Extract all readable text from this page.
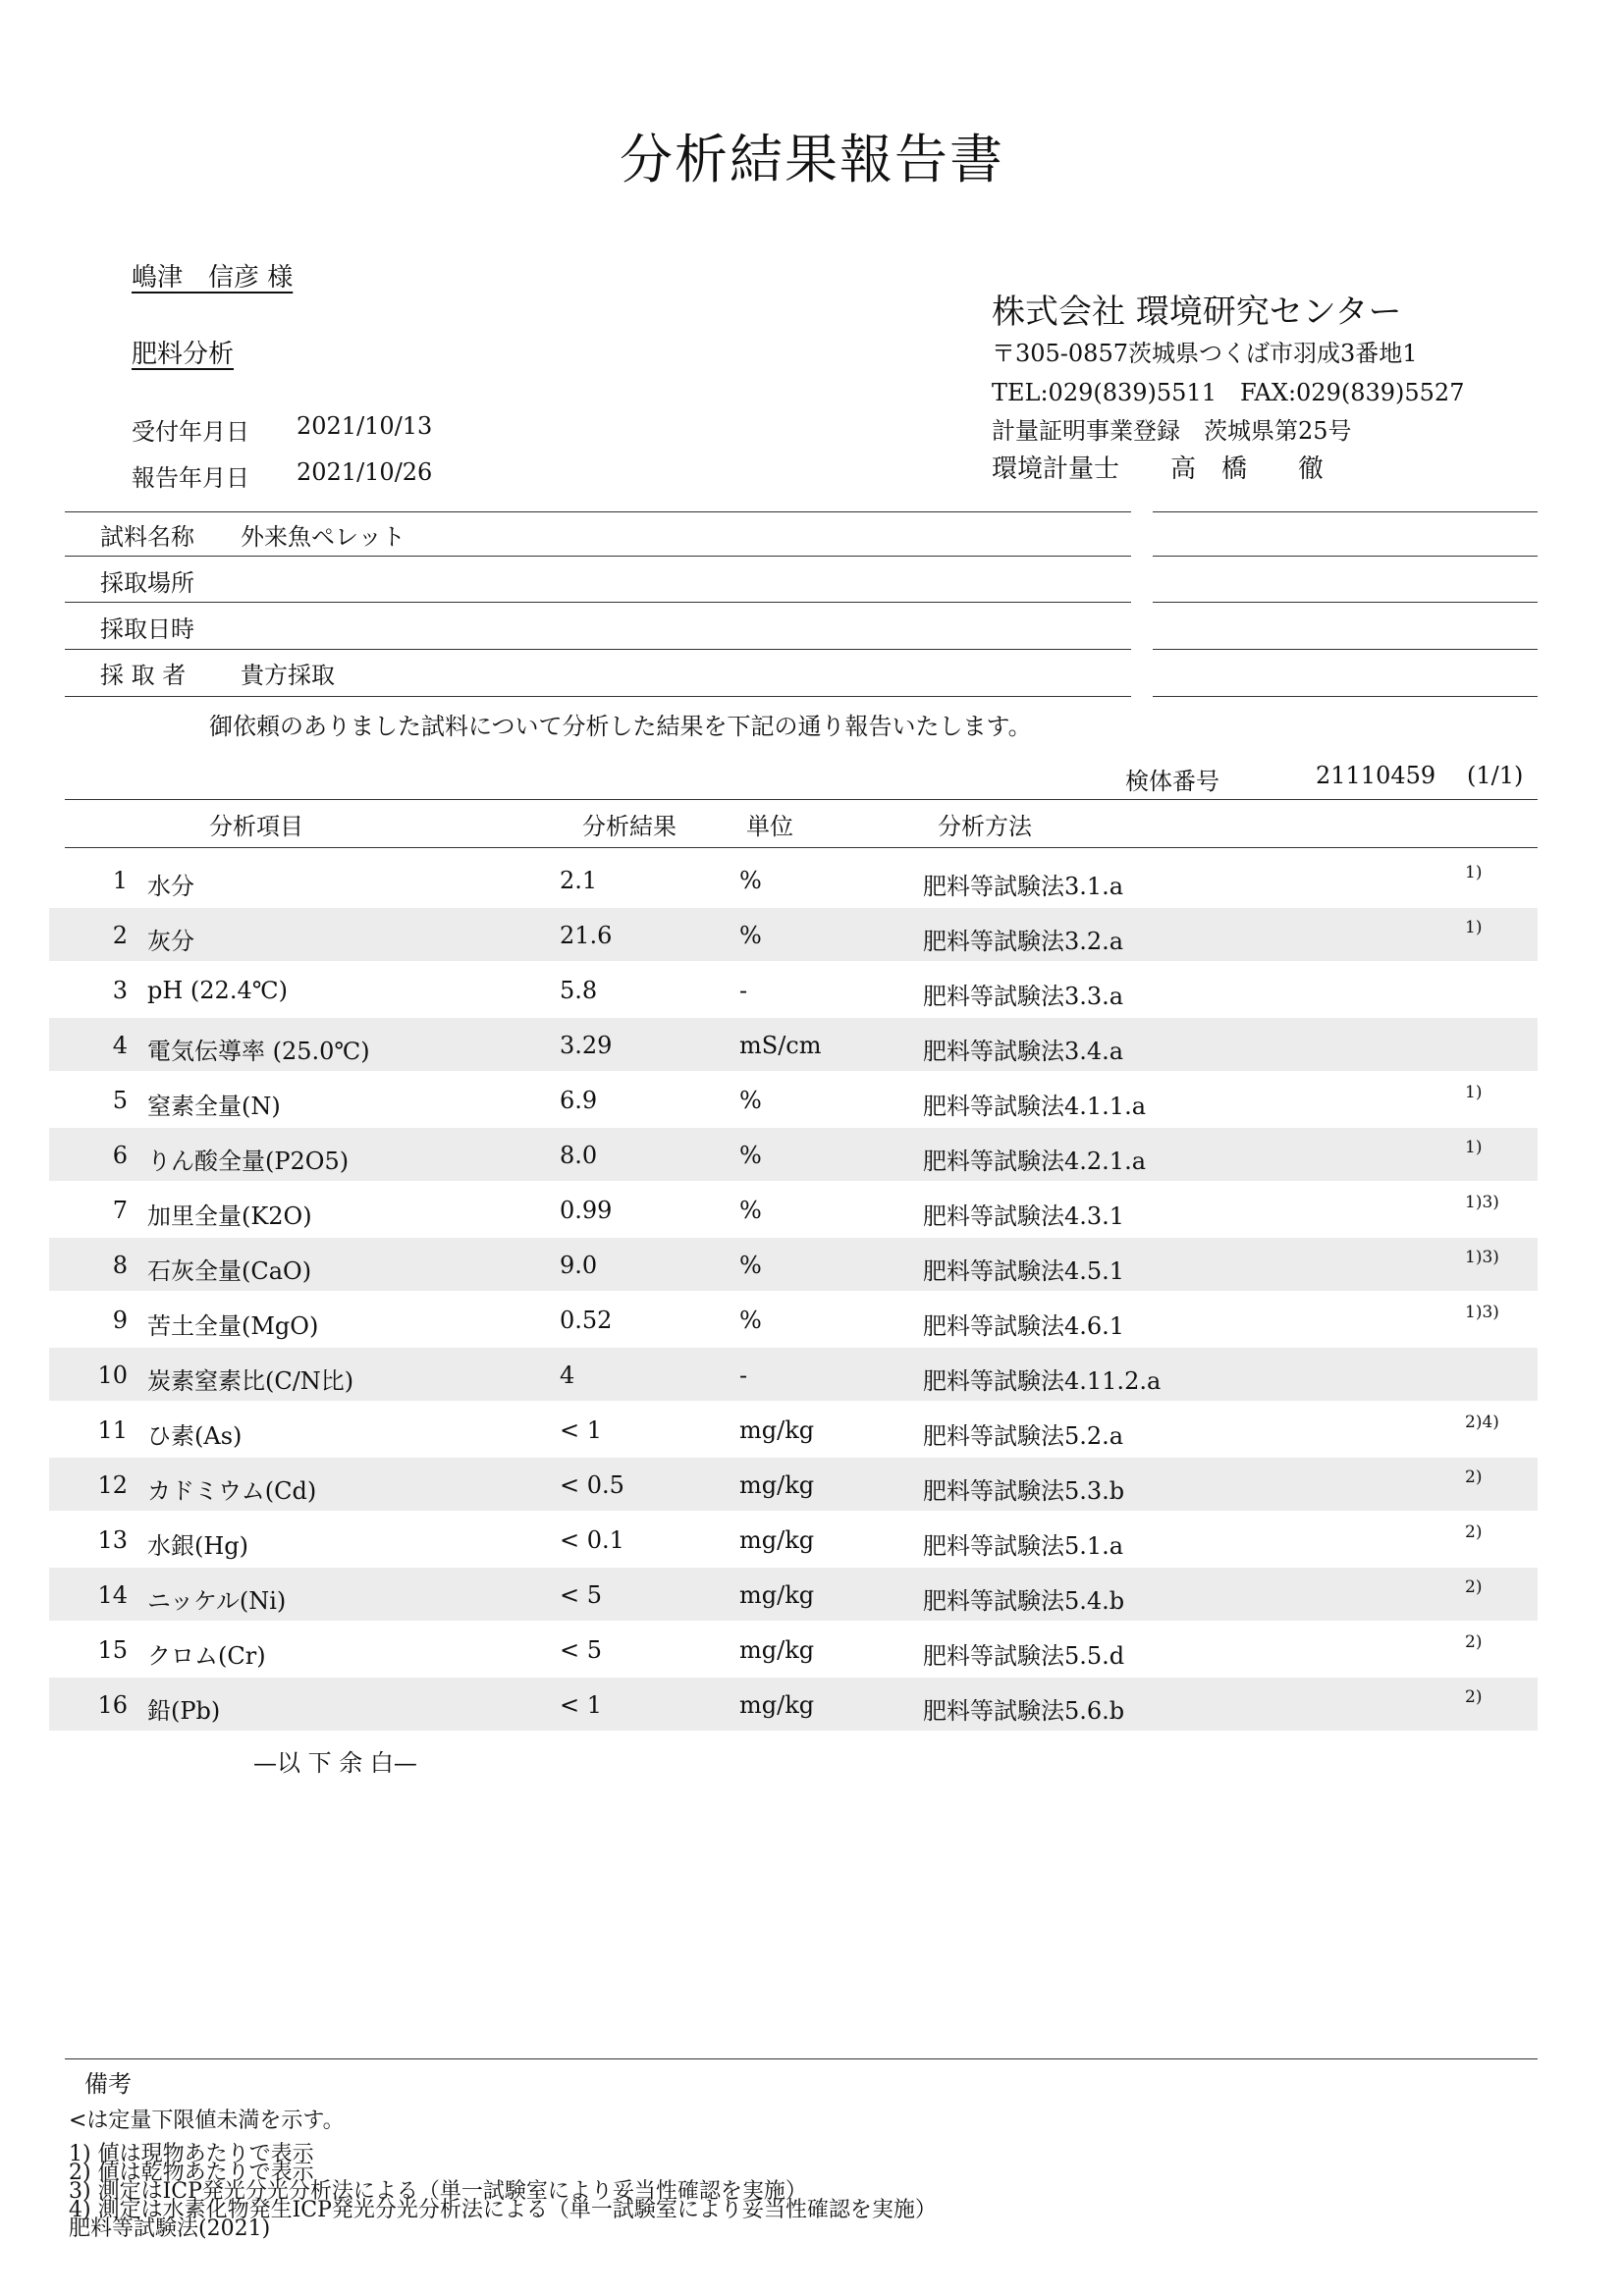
分析結果報告書
嶋津　信彦 様
肥料分析
受付年月日 2021/10/13
報告年月日 2021/10/26
株式会社 環境研究センター
〒305-0857茨城県つくば市羽成3番地1
TEL:029(839)5511　FAX:029(839)5527
計量証明事業登録　茨城県第25号
環境計量士　　高　橋　　徹
試料名称 外来魚ペレット
採取場所
採取日時
採 取 者 貴方採取
御依頼のありました試料について分析した結果を下記の通り報告いたします。
検体番号	21110459 (1/1)
分析項目	分析結果	単位	分析方法
1 水分	2.1	%	肥料等試験法3.1.a	1)
2 灰分	21.6	%	肥料等試験法3.2.a	1)
3 pH (22.4℃)	5.8	-	肥料等試験法3.3.a
4 電気伝導率 (25.0℃)	3.29	mS/cm	肥料等試験法3.4.a
5 窒素全量(N)	6.9	%	肥料等試験法4.1.1.a	1)
6 りん酸全量(P2O5)	8.0	%	肥料等試験法4.2.1.a	1)
7 加里全量(K2O)	0.99	%	肥料等試験法4.3.1	1)3)
8 石灰全量(CaO)	9.0	%	肥料等試験法4.5.1	1)3)
9 苦土全量(MgO)	0.52	%	肥料等試験法4.6.1	1)3)
10 炭素窒素比(C/N比)	4	-	肥料等試験法4.11.2.a
11 ひ素(As)	< 1	mg/kg	肥料等試験法5.2.a	2)4)
12 カドミウム(Cd)	< 0.5	mg/kg	肥料等試験法5.3.b	2)
13 水銀(Hg)	< 0.1	mg/kg	肥料等試験法5.1.a	2)
14 ニッケル(Ni)	< 5	mg/kg	肥料等試験法5.4.b	2)
15 クロム(Cr)	< 5	mg/kg	肥料等試験法5.5.d	2)
16 鉛(Pb)	< 1	mg/kg	肥料等試験法5.6.b	2)
—以 下 余 白—
備考
<は定量下限値未満を示す。
1) 値は現物あたりで表示
2) 値は乾物あたりで表示
3) 測定はICP発光分光分析法による（単一試験室により妥当性確認を実施）
4) 測定は水素化物発生ICP発光分光分析法による（単一試験室により妥当性確認を実施）
肥料等試験法(2021)
